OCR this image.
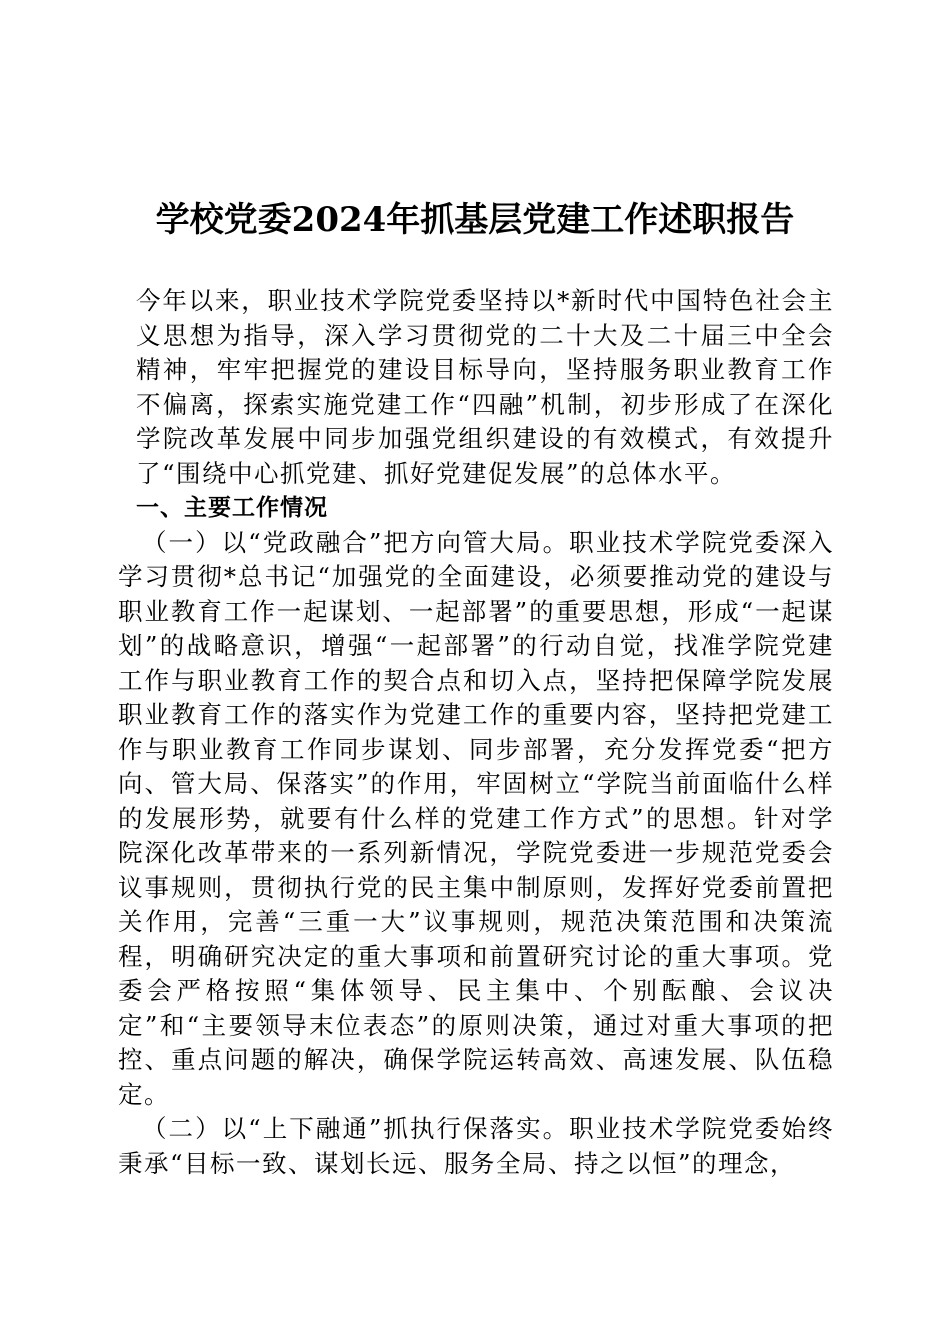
学校党委2024年抓基层党建工作述职报告

今年以来，职业技术学院党委坚持以*新时代中国特色社会主义思想为指导，深入学习贯彻党的二十大及二十届三中全会精神，牢牢把握党的建设目标导向，坚持服务职业教育工作不偏离，探索实施党建工作“四融”机制，初步形成了在深化学院改革发展中同步加强党组织建设的有效模式，有效提升了“围绕中心抓党建、抓好党建促发展”的总体水平。

一、主要工作情况

（一）以“党政融合”把方向管大局。职业技术学院党委深入学习贯彻*总书记“加强党的全面建设，必须要推动党的建设与职业教育工作一起谋划、一起部署”的重要思想，形成“一起谋划”的战略意识，增强“一起部署”的行动自觉，找准学院党建工作与职业教育工作的契合点和切入点，坚持把保障学院发展职业教育工作的落实作为党建工作的重要内容，坚持把党建工作与职业教育工作同步谋划、同步部署，充分发挥党委“把方向、管大局、保落实”的作用，牢固树立“学院当前面临什么样的发展形势，就要有什么样的党建工作方式”的思想。针对学院深化改革带来的一系列新情况，学院党委进一步规范党委会议事规则，贯彻执行党的民主集中制原则，发挥好党委前置把关作用，完善“三重一大”议事规则，规范决策范围和决策流程，明确研究决定的重大事项和前置研究讨论的重大事项。党委会严格按照“集体领导、民主集中、个别酝酿、会议决定”和“主要领导末位表态”的原则决策，通过对重大事项的把控、重点问题的解决，确保学院运转高效、高速发展、队伍稳定。

（二）以“上下融通”抓执行保落实。职业技术学院党委始终秉承“目标一致、谋划长远、服务全局、持之以恒”的理念，
